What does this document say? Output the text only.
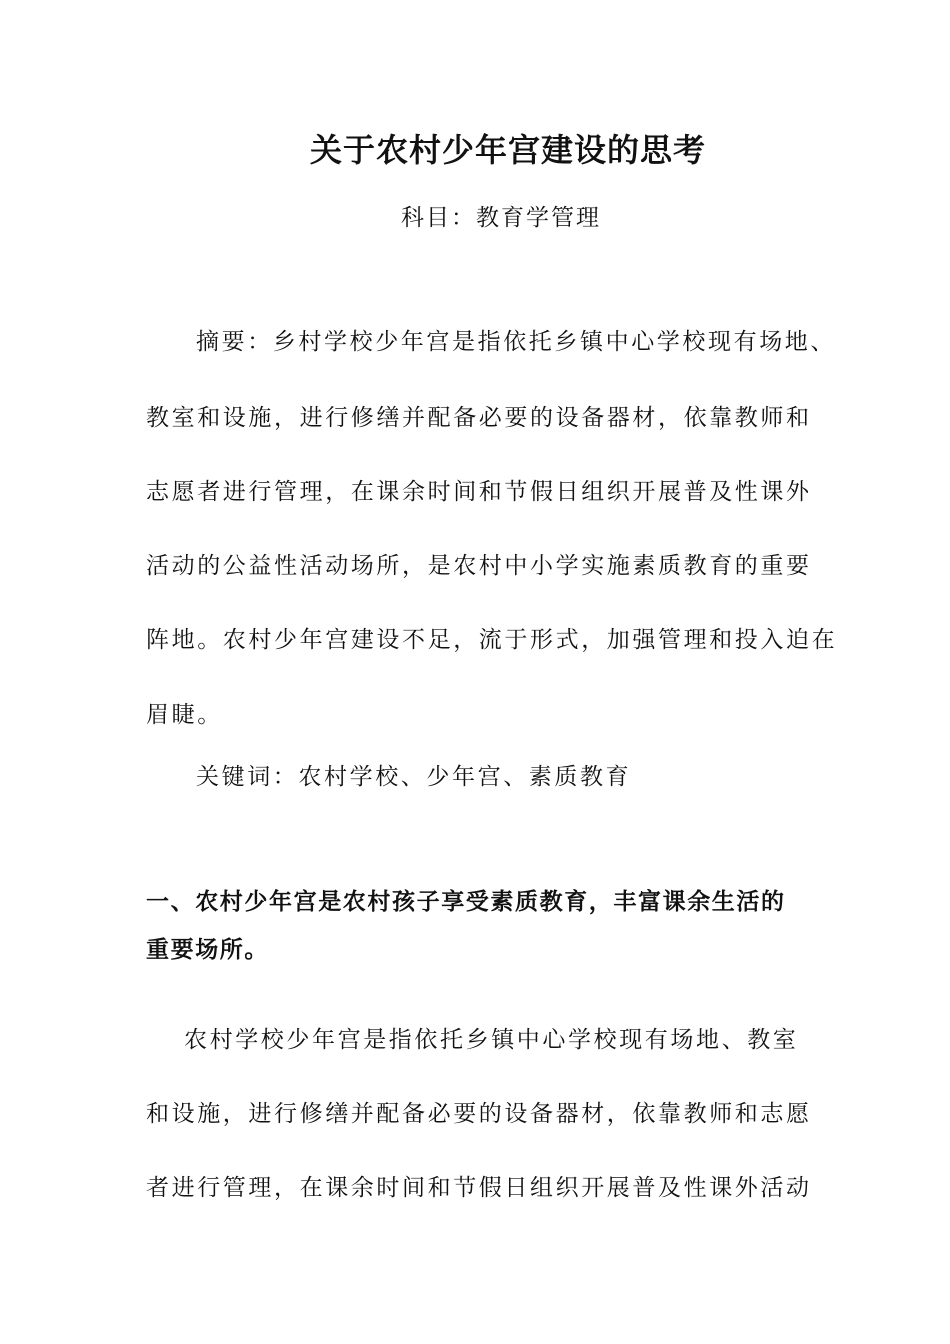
关于农村少年宫建设的思考
科目：教育学管理
摘要：乡村学校少年宫是指依托乡镇中心学校现有场地、
教室和设施，进行修缮并配备必要的设备器材，依靠教师和
志愿者进行管理，在课余时间和节假日组织开展普及性课外
活动的公益性活动场所，是农村中小学实施素质教育的重要
阵地。农村少年宫建设不足，流于形式，加强管理和投入迫在
眉睫。
关键词：农村学校、少年宫、素质教育
一、农村少年宫是农村孩子享受素质教育，丰富课余生活的
重要场所。
农村学校少年宫是指依托乡镇中心学校现有场地、教室
和设施，进行修缮并配备必要的设备器材，依靠教师和志愿
者进行管理，在课余时间和节假日组织开展普及性课外活动
